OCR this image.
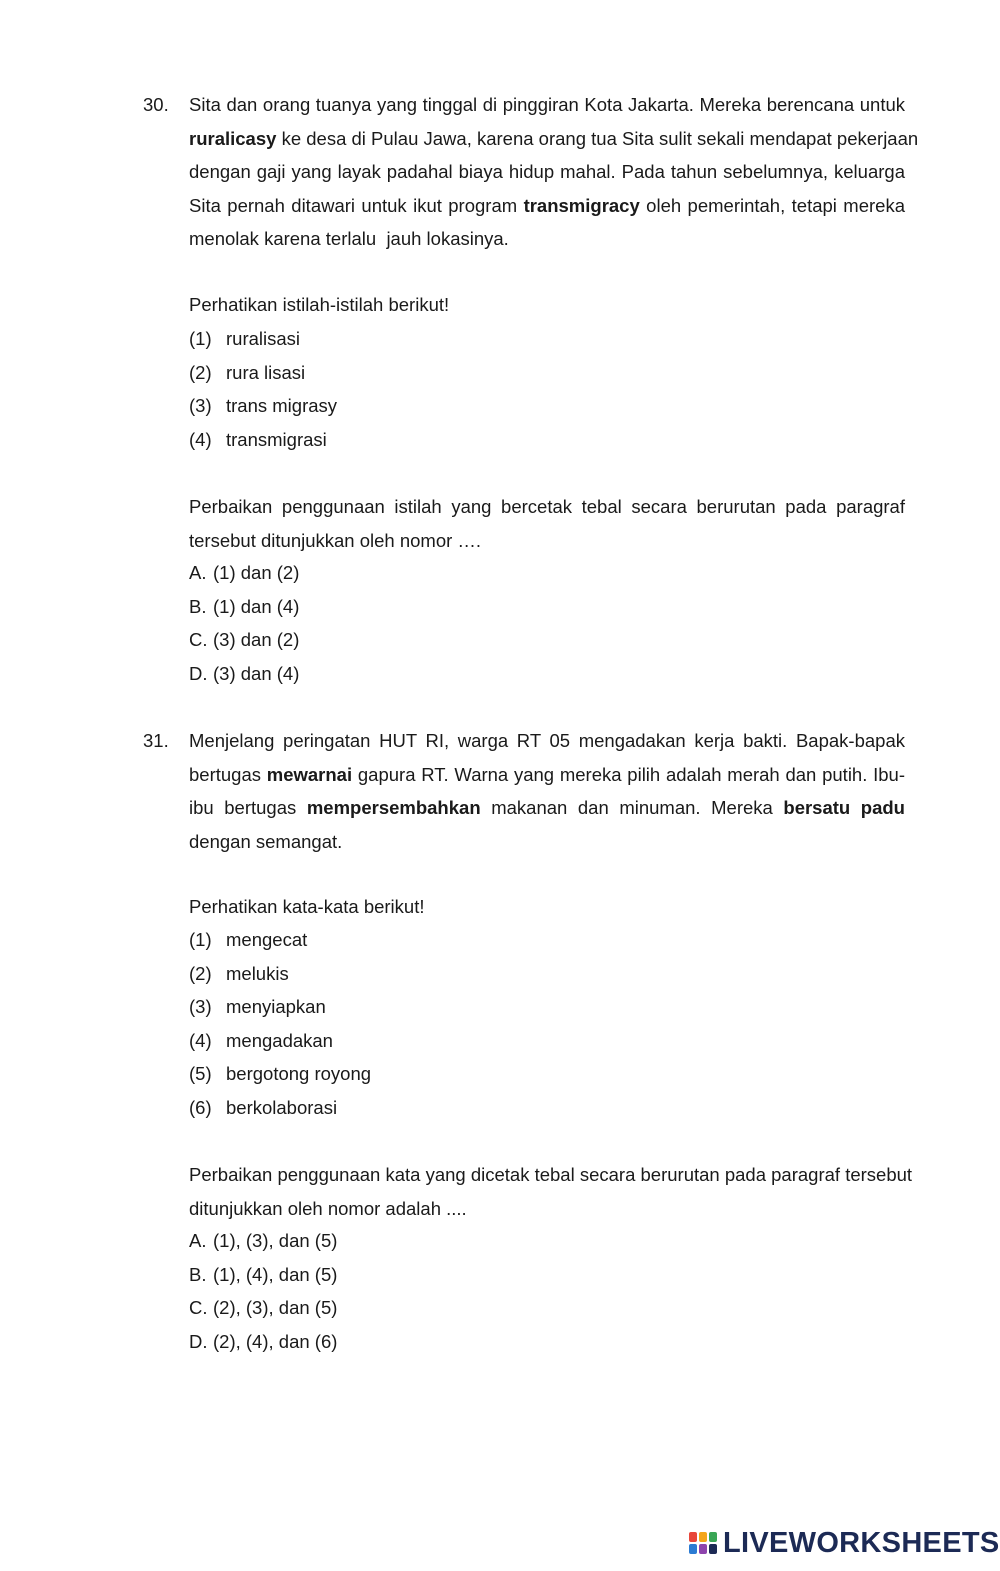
30. Sita dan orang tuanya yang tinggal di pinggiran Kota Jakarta. Mereka berencana untuk
ruralicasy ke desa di Pulau Jawa, karena orang tua Sita sulit sekali mendapat pekerjaan
dengan gaji yang layak padahal biaya hidup mahal. Pada tahun sebelumnya, keluarga
Sita pernah ditawari untuk ikut program transmigracy oleh pemerintah, tetapi mereka
menolak karena terlalu  jauh lokasinya.
Perhatikan istilah-istilah berikut!
(1) ruralisasi
(2) rura lisasi
(3) trans migrasy
(4) transmigrasi
Perbaikan penggunaan istilah yang bercetak tebal secara berurutan pada paragraf
tersebut ditunjukkan oleh nomor ….
A. (1) dan (2)
B. (1) dan (4)
C. (3) dan (2)
D. (3) dan (4)
31. Menjelang peringatan HUT RI, warga RT 05 mengadakan kerja bakti. Bapak-bapak
bertugas mewarnai gapura RT. Warna yang mereka pilih adalah merah dan putih. Ibu-
ibu bertugas mempersembahkan makanan dan minuman. Mereka bersatu padu
dengan semangat.
Perhatikan kata-kata berikut!
(1) mengecat
(2) melukis
(3) menyiapkan
(4) mengadakan
(5) bergotong royong
(6) berkolaborasi
Perbaikan penggunaan kata yang dicetak tebal secara berurutan pada paragraf tersebut
ditunjukkan oleh nomor adalah ....
A. (1), (3), dan (5)
B. (1), (4), dan (5)
C. (2), (3), dan (5)
D. (2), (4), dan (6)
LIVEWORKSHEETS
